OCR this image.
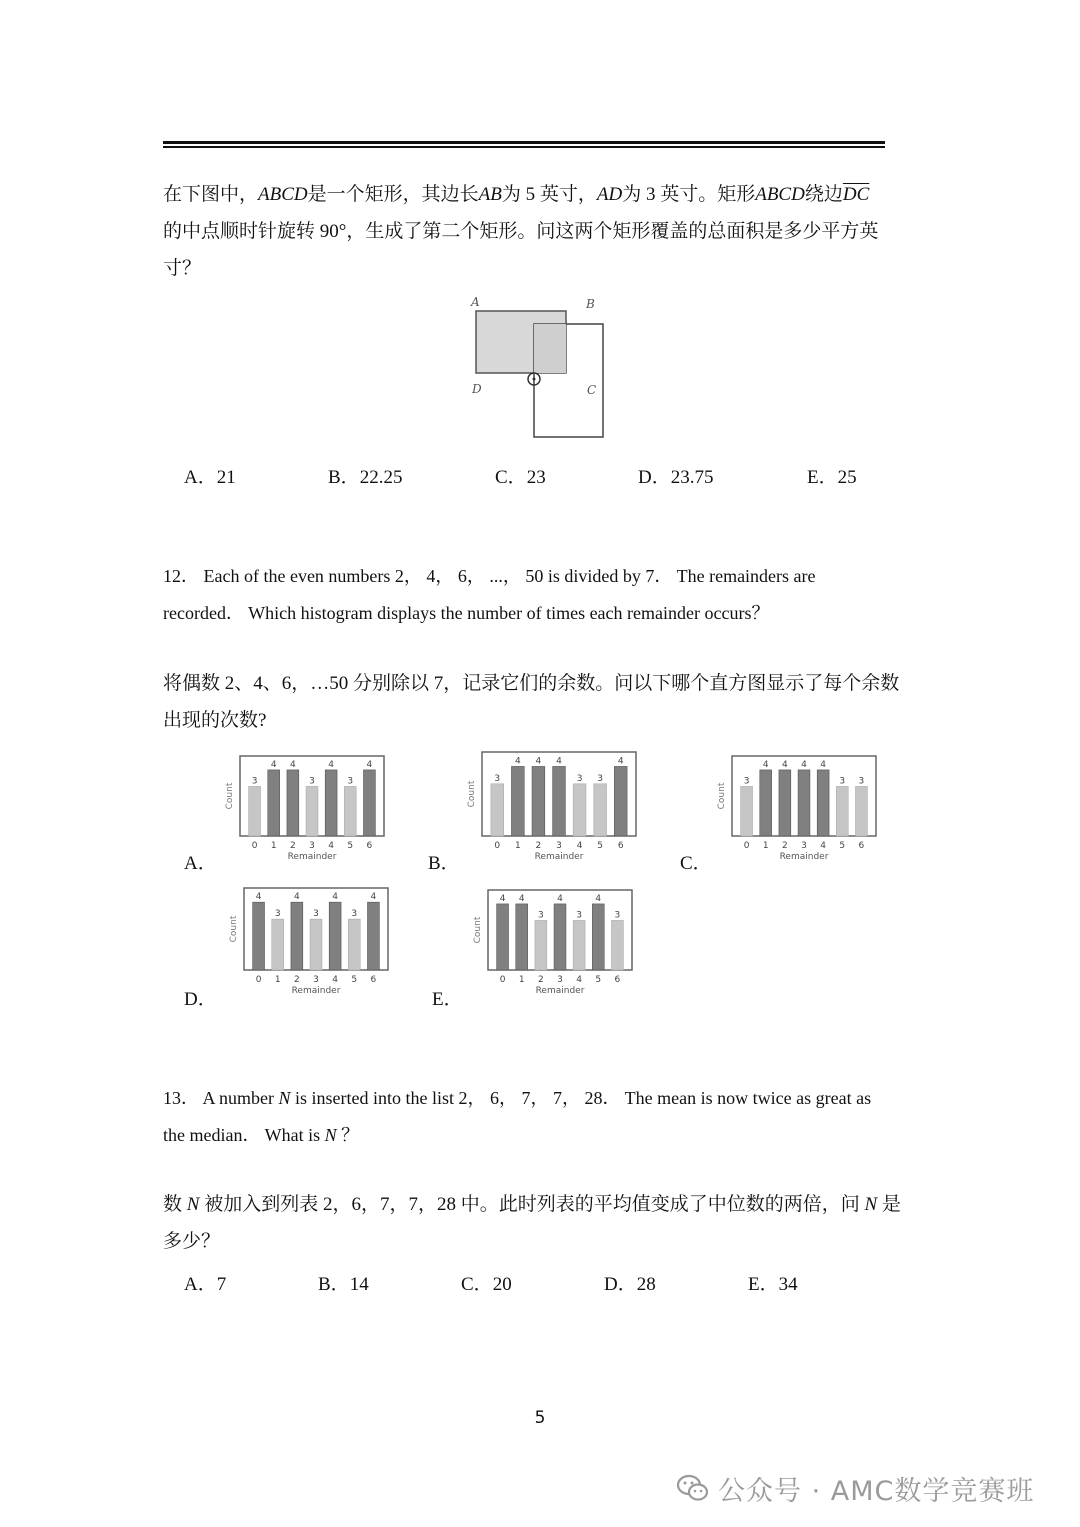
在下图中，ABCD是一个矩形，其边长AB为 5 英寸，AD为 3 英寸。矩形ABCD绕边$\overline{DC}$
的中点顺时针旋转 90°，生成了第二个矩形。问这两个矩形覆盖的总面积是多少平方英
寸？
A	B
D	C
A．21	B．22.25	C．23	D．23.75	E．25
12． Each of the even numbers 2， 4， 6， ...， 50 is divided by 7． The remainders are
recorded． Which histogram displays the number of times each remainder occurs？
将偶数 2、4、6，…50 分别除以 7，记录它们的余数。问以下哪个直方图显示了每个余数
出现的次数?
A．	B．	C．
D．	E．
Count
3
0
4
1
4
2
3
3
4
4
3
5
4
6
Remainder
Count
3
0
4
1
4
2
4
3
3
4
3
5
4
6
Remainder
Count
3
0
4
1
4
2
4
3
4
4
3
5
3
6
Remainder
Count
4
0
3
1
4
2
3
3
4
4
3
5
4
6
Remainder
Count
4
0
4
1
3
2
4
3
3
4
4
5
3
6
Remainder
13． A number N is inserted into the list 2， 6， 7， 7， 28． The mean is now twice as great as
the median． What is N ？
数 N 被加入到列表 2，6，7，7，28 中。此时列表的平均值变成了中位数的两倍，问 N 是
多少？
A．7	B．14	C．20	D．28	E．34
5
公众号 · AMC数学竞赛班
